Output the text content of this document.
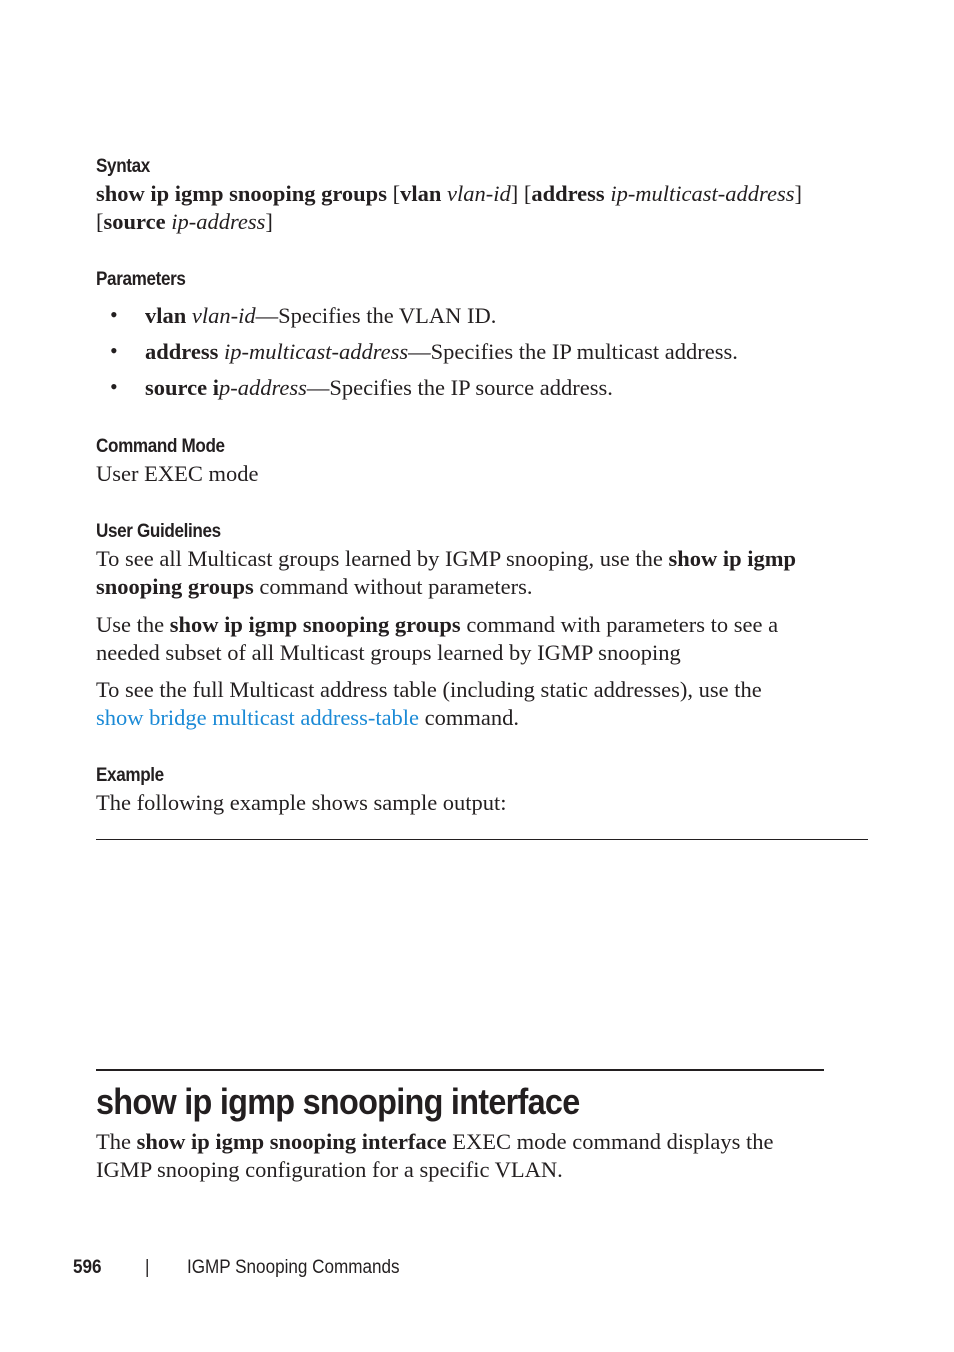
Syntax
show ip igmp snooping groups [vlan vlan-id] [address ip-multicast-address]
[source ip-address]
Parameters
• vlan vlan-id—Specifies the VLAN ID.
• address ip-multicast-address—Specifies the IP multicast address.
• source ip-address—Specifies the IP source address.
Command Mode
User EXEC mode
User Guidelines
To see all Multicast groups learned by IGMP snooping, use the show ip igmp
snooping groups command without parameters.
Use the show ip igmp snooping groups command with parameters to see a
needed subset of all Multicast groups learned by IGMP snooping
To see the full Multicast address table (including static addresses), use the
show bridge multicast address-table command.
Example
The following example shows sample output:
show ip igmp snooping interface
The show ip igmp snooping interface EXEC mode command displays the
IGMP snooping configuration for a specific VLAN.
596 | IGMP Snooping Commands
